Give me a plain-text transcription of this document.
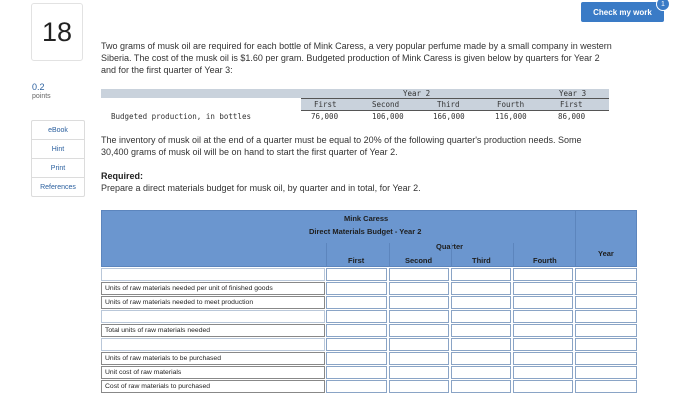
18
0.2
points
eBook
Hint
Print
References
Check my work
1
Two grams of musk oil are required for each bottle of Mink Caress, a very popular perfume made by a small company in western
Siberia. The cost of the musk oil is $1.60 per gram. Budgeted production of Mink Caress is given below by quarters for Year 2
and for the first quarter of Year 3:
Year 2	Year 3
First	Second	Third	Fourth	First
Budgeted production, in bottles	76,000	106,000	166,000	116,000	86,000
The inventory of musk oil at the end of a quarter must be equal to 20% of the following quarter's production needs. Some
30,400 grams of musk oil will be on hand to start the first quarter of Year 2.
Required:
Prepare a direct materials budget for musk oil, by quarter and in total, for Year 2.
Mink Caress
Direct Materials Budget - Year 2
Quarter
First	Second	Third	Fourth
Year
Units of raw materials needed per unit of finished goods
Units of raw materials needed to meet production
Total units of raw materials needed
Units of raw materials to be purchased
Unit cost of raw materials
Cost of raw materials to purchased
